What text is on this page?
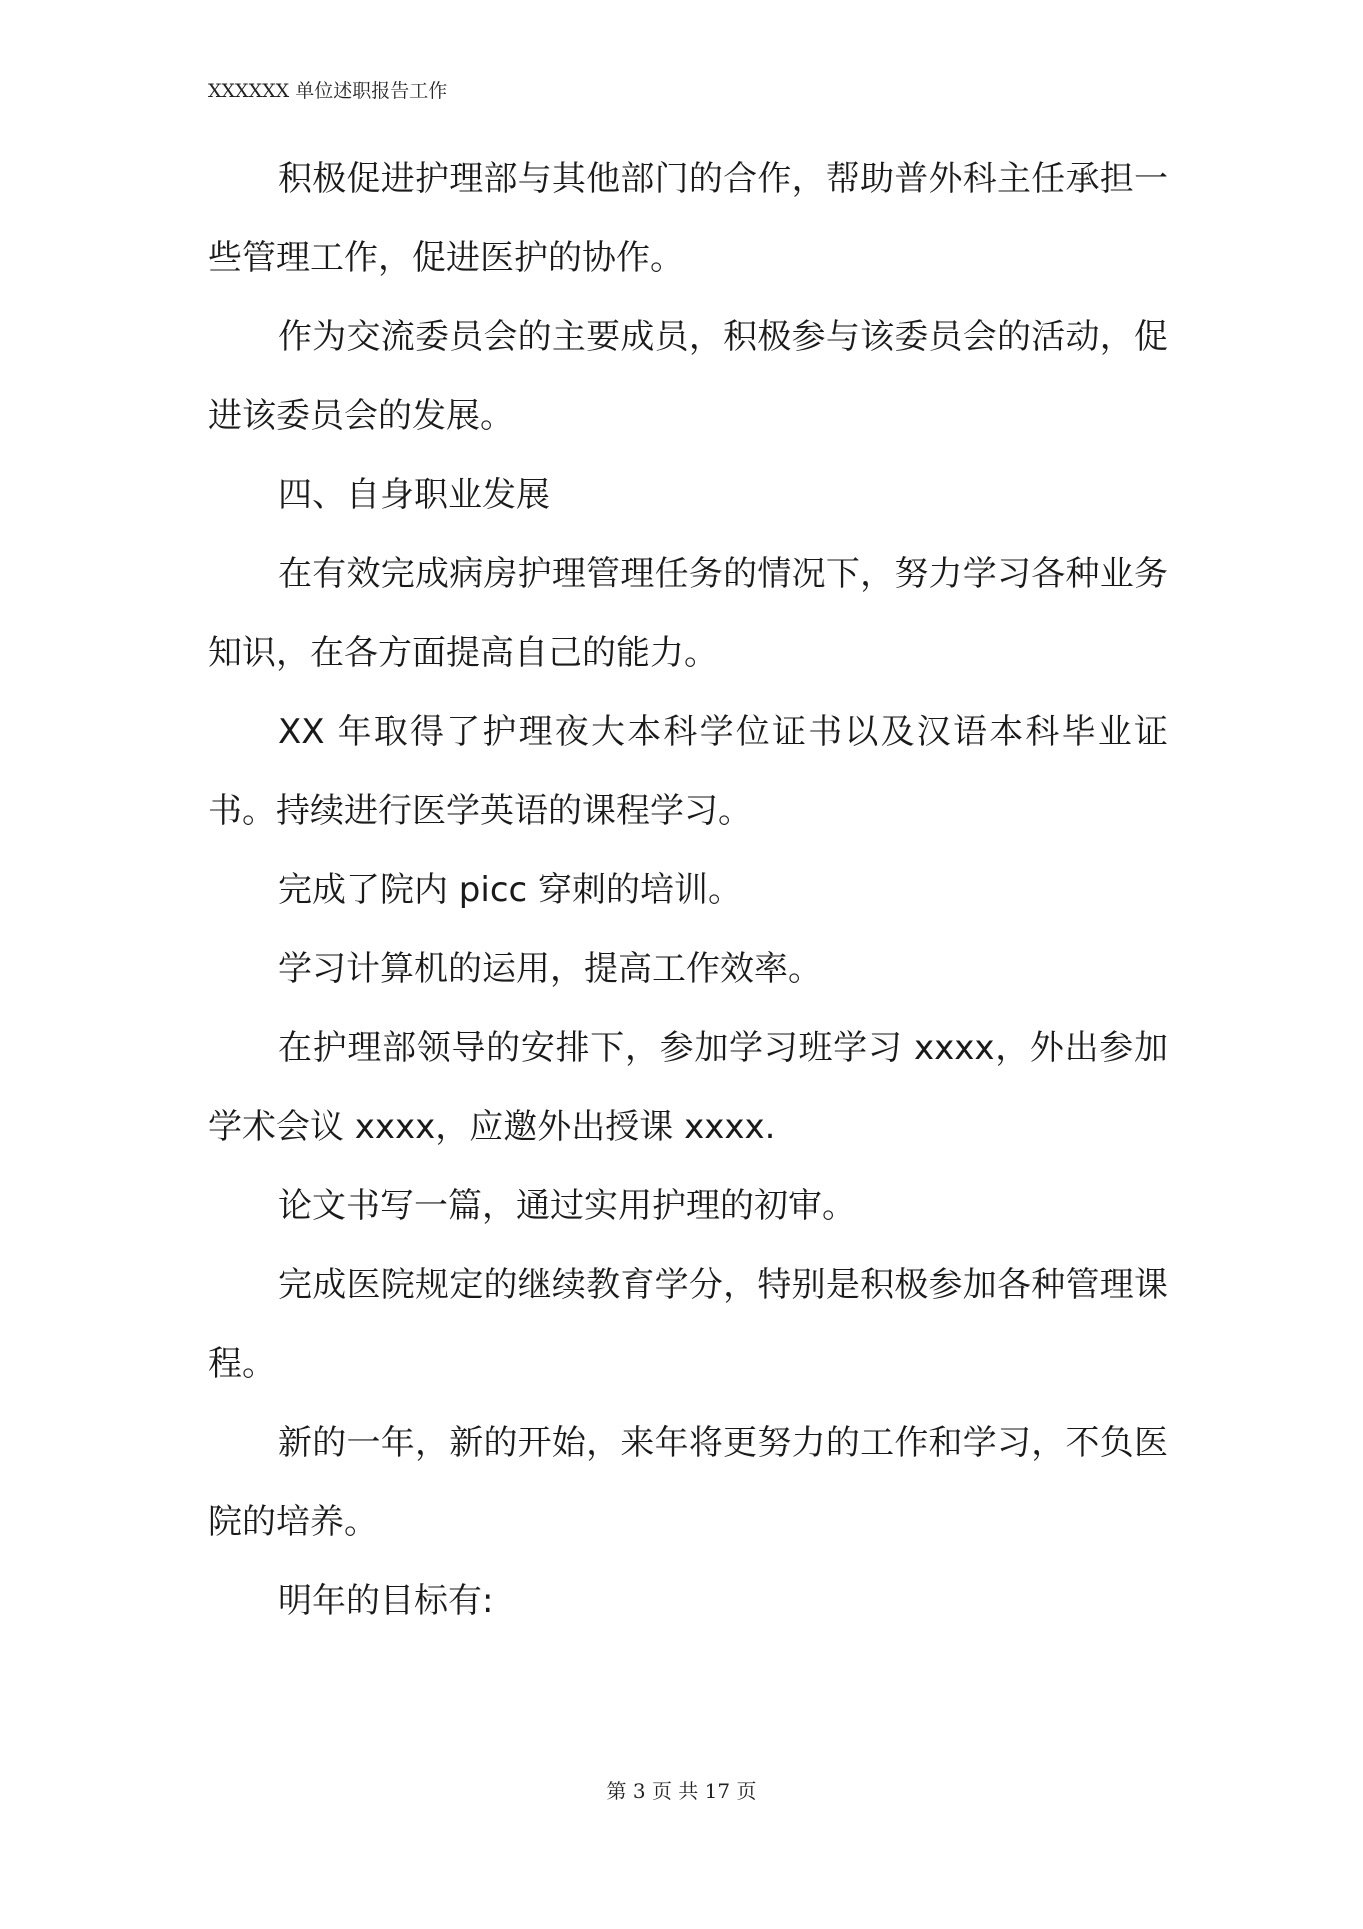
XXXXXX 单位述职报告工作

积极促进护理部与其他部门的合作，帮助普外科主任承担一些管理工作，促进医护的协作。

作为交流委员会的主要成员，积极参与该委员会的活动，促进该委员会的发展。

四、自身职业发展

在有效完成病房护理管理任务的情况下，努力学习各种业务知识，在各方面提高自己的能力。

XX 年取得了护理夜大本科学位证书以及汉语本科毕业证书。持续进行医学英语的课程学习。

完成了院内 picc 穿刺的培训。

学习计算机的运用，提高工作效率。

在护理部领导的安排下，参加学习班学习 xxxx，外出参加学术会议 xxxx，应邀外出授课 xxxx.

论文书写一篇，通过实用护理的初审。

完成医院规定的继续教育学分，特别是积极参加各种管理课程。

新的一年，新的开始，来年将更努力的工作和学习，不负医院的培养。

明年的目标有:

第 3 页 共 17 页
